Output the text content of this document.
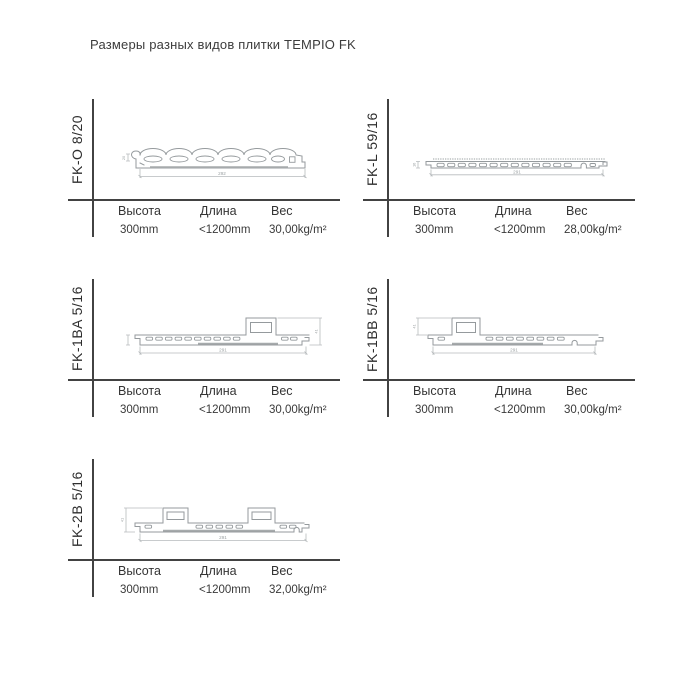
Размеры разных видов плитки TEMPIO FK
FK-O 8/20	292
20
Высота	Длина	Вес
300mm	<1200mm 30,00kg/m²
FK-L 59/16	291
16
Высота	Длина	Вес
300mm	<1200mm 28,00kg/m²
FK-1BA 5/16	291
41
Высота	Длина	Вес
300mm	<1200mm 30,00kg/m²
FK-1BB 5/16	291
41
Высота	Длина	Вес
300mm	<1200mm 30,00kg/m²
FK-2B 5/16	291
41
Высота	Длина	Вес
300mm	<1200mm 32,00kg/m²
